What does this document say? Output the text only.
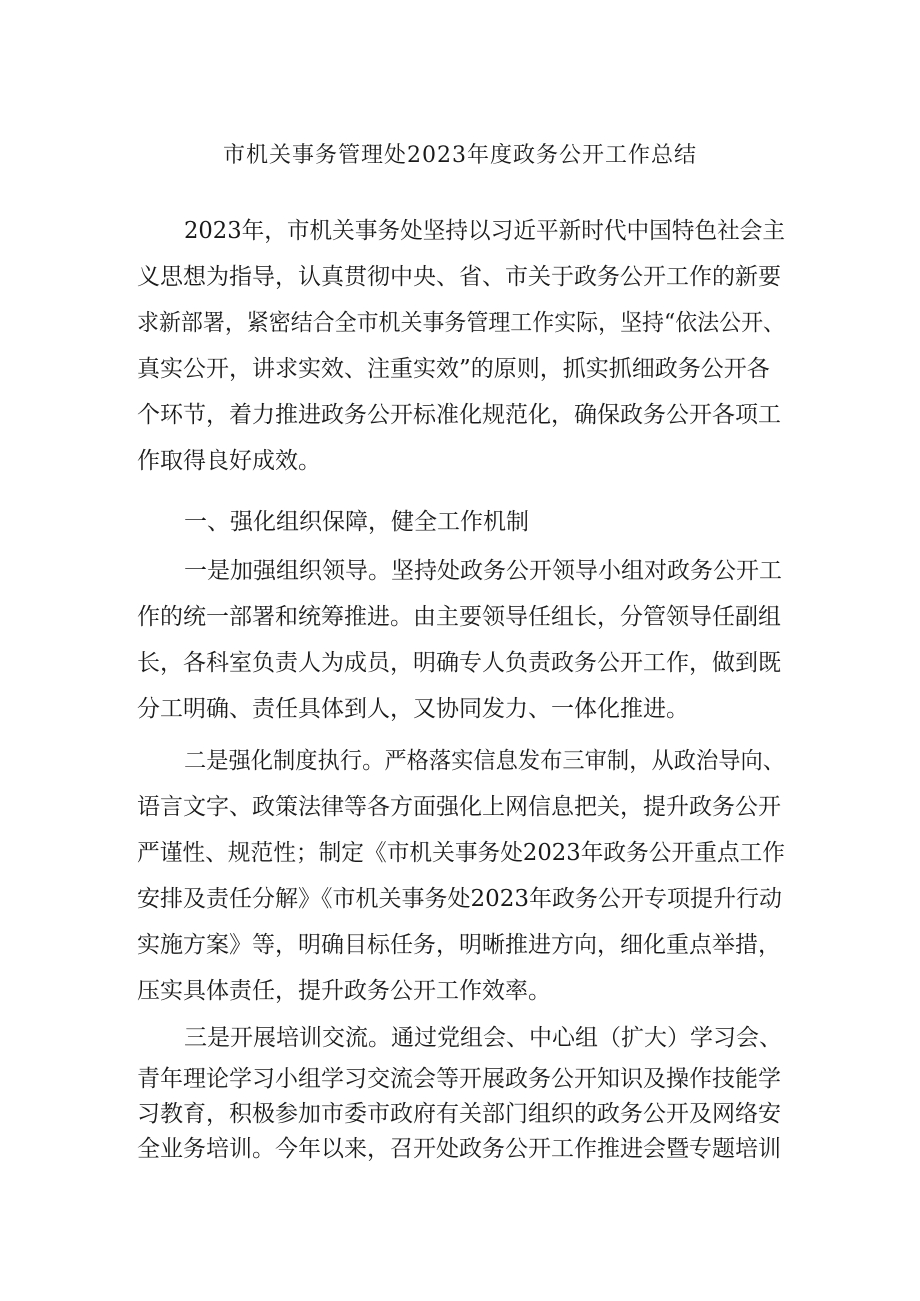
市机关事务管理处2023年度政务公开工作总结
2023年，市机关事务处坚持以习近平新时代中国特色社会主
义思想为指导，认真贯彻中央、省、市关于政务公开工作的新要
求新部署，紧密结合全市机关事务管理工作实际，坚持“依法公开、
真实公开，讲求实效、注重实效”的原则，抓实抓细政务公开各
个环节，着力推进政务公开标准化规范化，确保政务公开各项工
作取得良好成效。
一、强化组织保障，健全工作机制
一是加强组织领导。坚持处政务公开领导小组对政务公开工
作的统一部署和统筹推进。由主要领导任组长，分管领导任副组
长，各科室负责人为成员，明确专人负责政务公开工作，做到既
分工明确、责任具体到人，又协同发力、一体化推进。
二是强化制度执行。严格落实信息发布三审制，从政治导向、
语言文字、政策法律等各方面强化上网信息把关，提升政务公开
严谨性、规范性；制定《市机关事务处2023年政务公开重点工作
安排及责任分解》《市机关事务处2023年政务公开专项提升行动
实施方案》等，明确目标任务，明晰推进方向，细化重点举措，
压实具体责任，提升政务公开工作效率。
三是开展培训交流。通过党组会、中心组（扩大）学习会、
青年理论学习小组学习交流会等开展政务公开知识及操作技能学
习教育，积极参加市委市政府有关部门组织的政务公开及网络安
全业务培训。今年以来，召开处政务公开工作推进会暨专题培训
